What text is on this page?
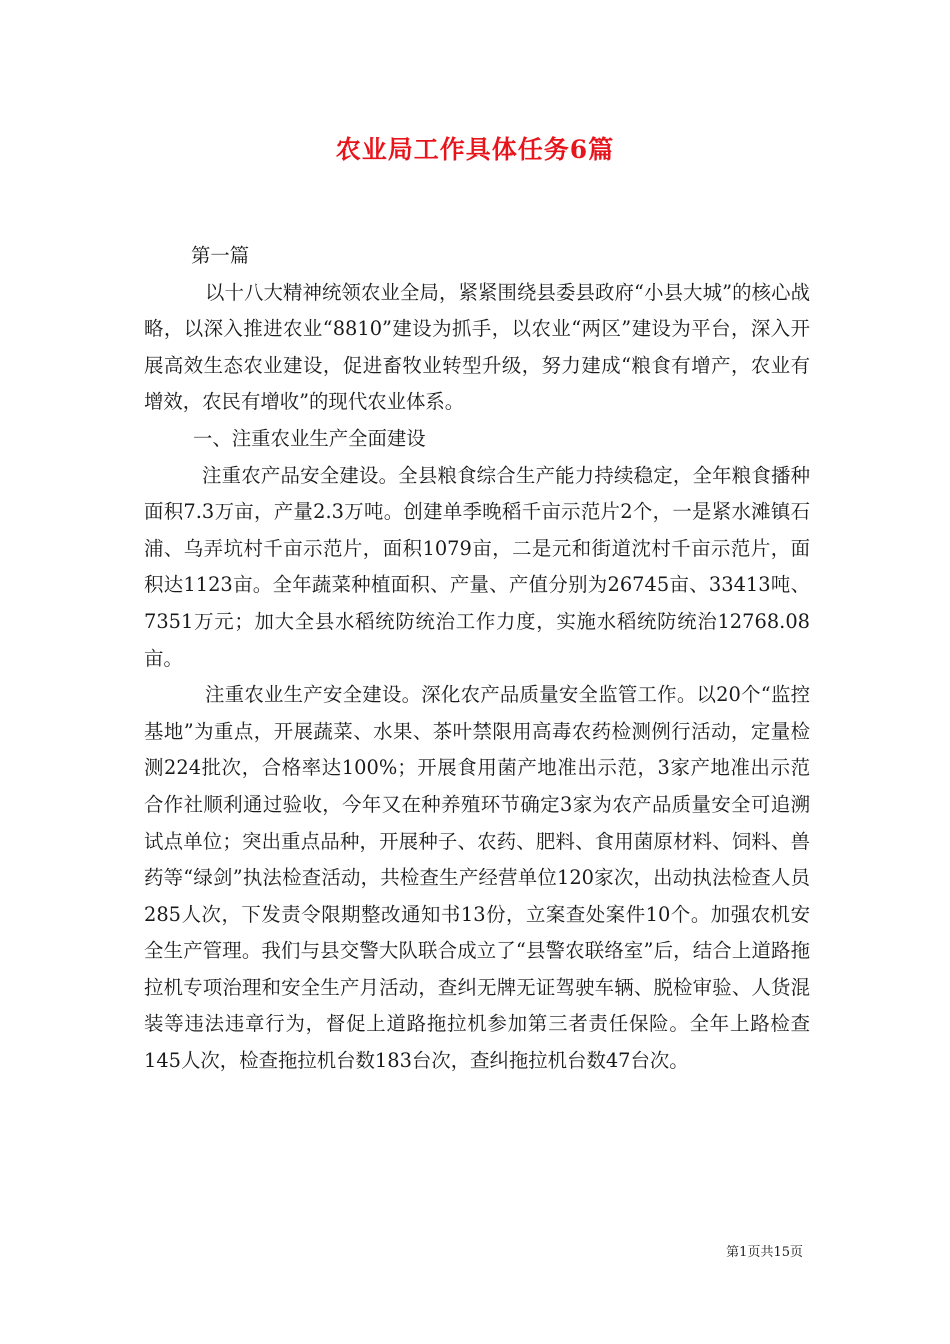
农业局工作具体任务6篇

第一篇

以十八大精神统领农业全局，紧紧围绕县委县政府“小县大城”的核心战略，以深入推进农业“8810”建设为抓手，以农业“两区”建设为平台，深入开展高效生态农业建设，促进畜牧业转型升级，努力建成“粮食有增产，农业有增效，农民有增收”的现代农业体系。

一、注重农业生产全面建设

注重农产品安全建设。全县粮食综合生产能力持续稳定，全年粮食播种面积7.3万亩，产量2.3万吨。创建单季晚稻千亩示范片2个，一是紧水滩镇石浦、乌弄坑村千亩示范片，面积1079亩，二是元和街道沈村千亩示范片，面积达1123亩。全年蔬菜种植面积、产量、产值分别为26745亩、33413吨、7351万元；加大全县水稻统防统治工作力度，实施水稻统防统治12768.08亩。

注重农业生产安全建设。深化农产品质量安全监管工作。以20个“监控基地”为重点，开展蔬菜、水果、茶叶禁限用高毒农药检测例行活动，定量检测224批次，合格率达100%；开展食用菌产地准出示范，3家产地准出示范合作社顺利通过验收，今年又在种养殖环节确定3家为农产品质量安全可追溯试点单位；突出重点品种，开展种子、农药、肥料、食用菌原材料、饲料、兽药等“绿剑”执法检查活动，共检查生产经营单位120家次，出动执法检查人员285人次，下发责令限期整改通知书13份，立案查处案件10个。加强农机安全生产管理。我们与县交警大队联合成立了“县警农联络室”后，结合上道路拖拉机专项治理和安全生产月活动，查纠无牌无证驾驶车辆、脱检审验、人货混装等违法违章行为，督促上道路拖拉机参加第三者责任保险。全年上路检查145人次，检查拖拉机台数183台次，查纠拖拉机台数47台次。

第1页共15页
